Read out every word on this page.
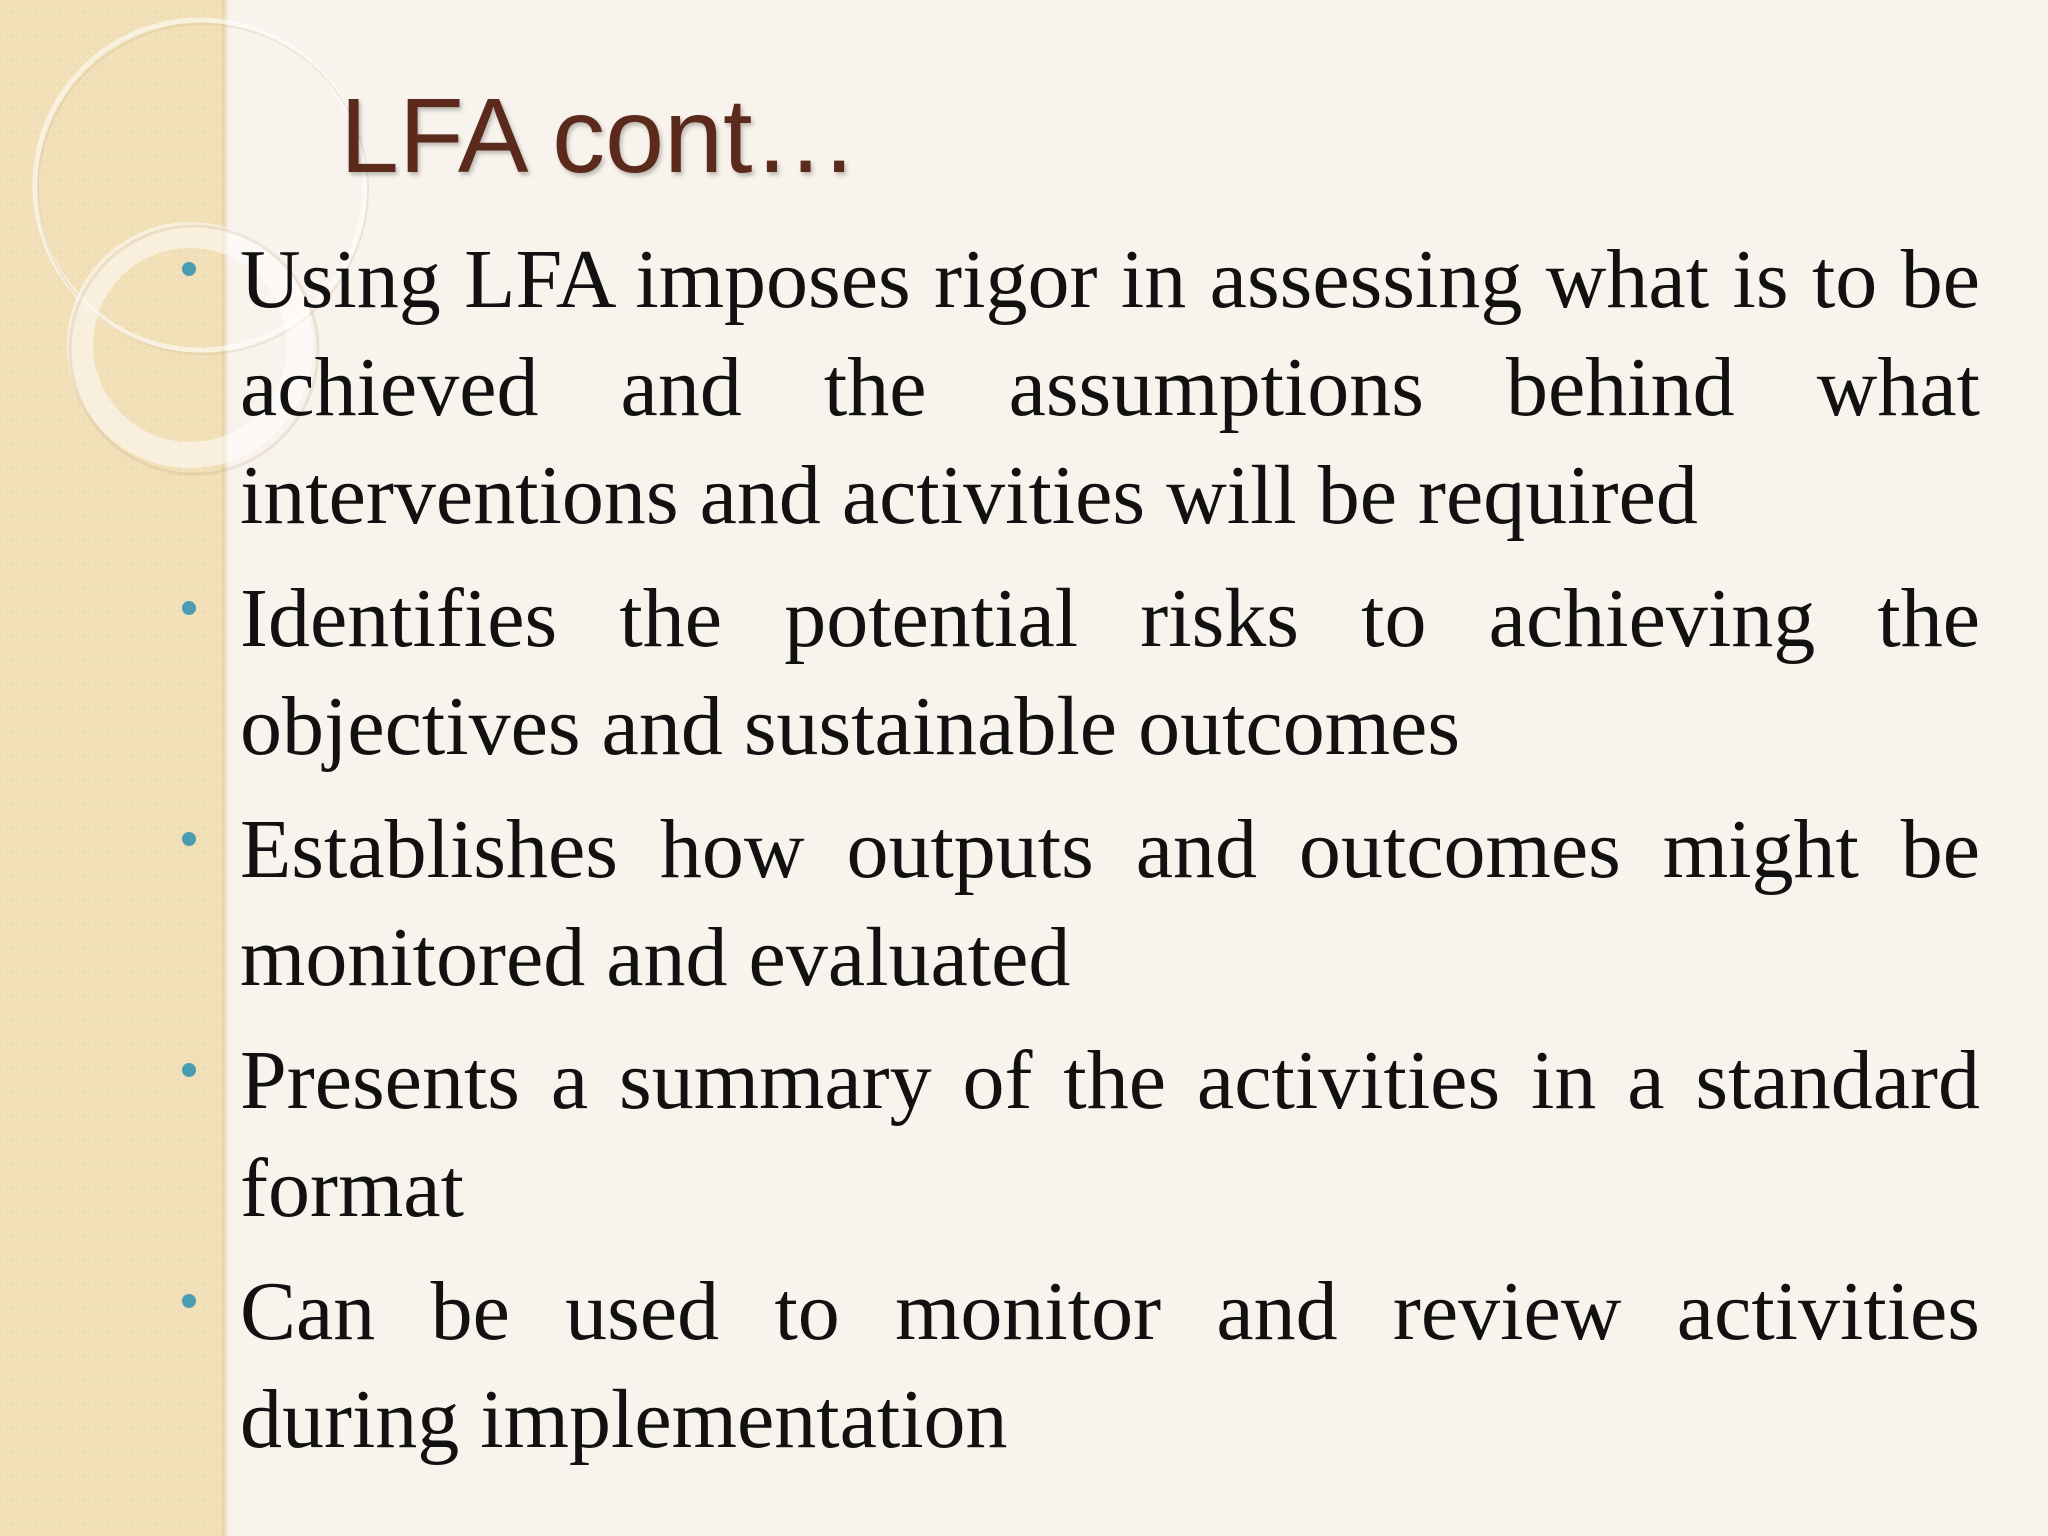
LFA cont…
Using LFA imposes rigor in assessing what is to be achieved and the assumptions behind what interventions and activities will be required
Identifies the potential risks to achieving the objectives and sustainable outcomes
Establishes how outputs and outcomes might be monitored and evaluated
Presents a summary of the activities in a standard format
Can be used to monitor and review activities during implementation
